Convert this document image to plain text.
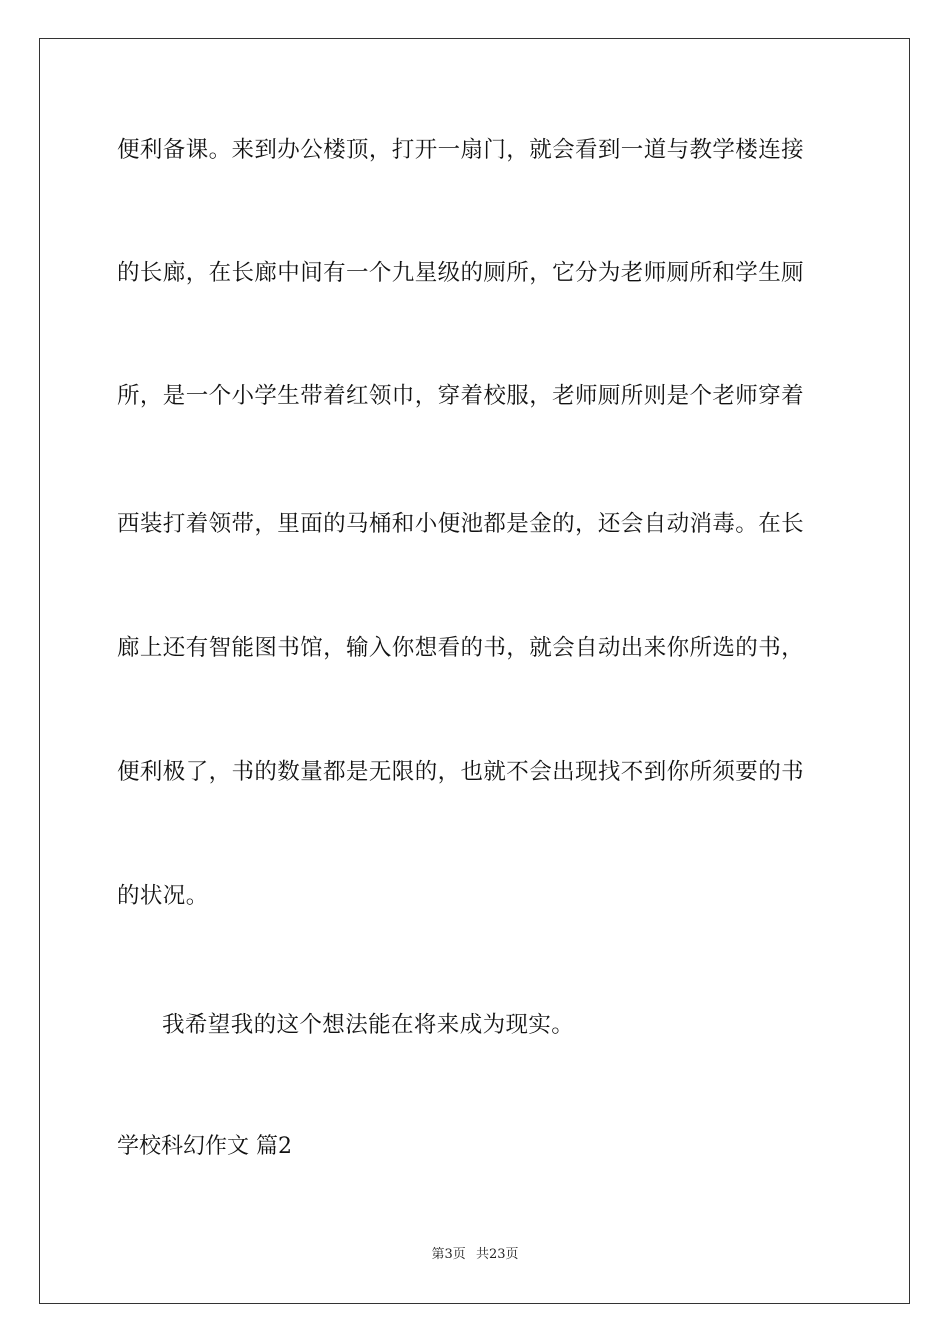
便利备课。来到办公楼顶，打开一扇门，就会看到一道与教学楼连接
的长廊，在长廊中间有一个九星级的厕所，它分为老师厕所和学生厕
所，是一个小学生带着红领巾，穿着校服，老师厕所则是个老师穿着
西装打着领带，里面的马桶和小便池都是金的，还会自动消毒。在长
廊上还有智能图书馆，输入你想看的书，就会自动出来你所选的书，
便利极了，书的数量都是无限的，也就不会出现找不到你所须要的书
的状况。
我希望我的这个想法能在将来成为现实。
学校科幻作文 篇2
第3页 共23页
